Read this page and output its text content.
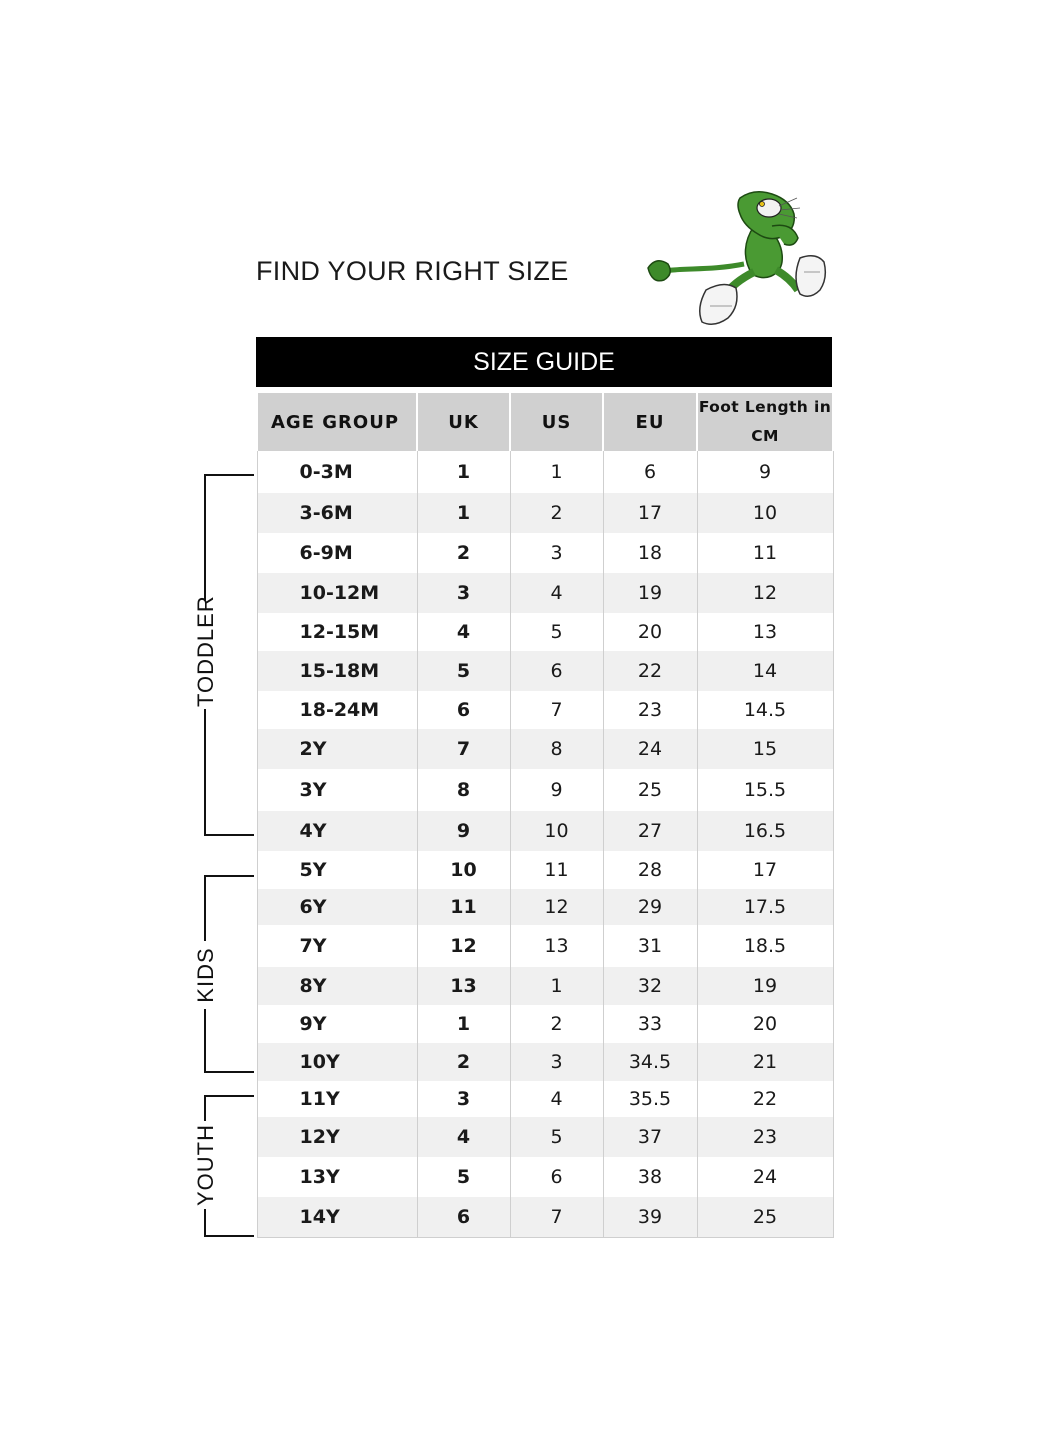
FIND YOUR RIGHT SIZE
SIZE GUIDE
AGE GROUP	UK	US	EU	Foot Length in CM
0-3M	1	1	6	9
3-6M	1	2	17	10
6-9M	2	3	18	11
10-12M	3	4	19	12
12-15M	4	5	20	13
15-18M	5	6	22	14
18-24M	6	7	23	14.5
2Y	7	8	24	15
3Y	8	9	25	15.5
4Y	9	10	27	16.5
5Y	10	11	28	17
6Y	11	12	29	17.5
7Y	12	13	31	18.5
8Y	13	1	32	19
9Y	1	2	33	20
10Y	2	3	34.5	21
11Y	3	4	35.5	22
12Y	4	5	37	23
13Y	5	6	38	24
14Y	6	7	39	25
TODDLER
KIDS
YOUTH
